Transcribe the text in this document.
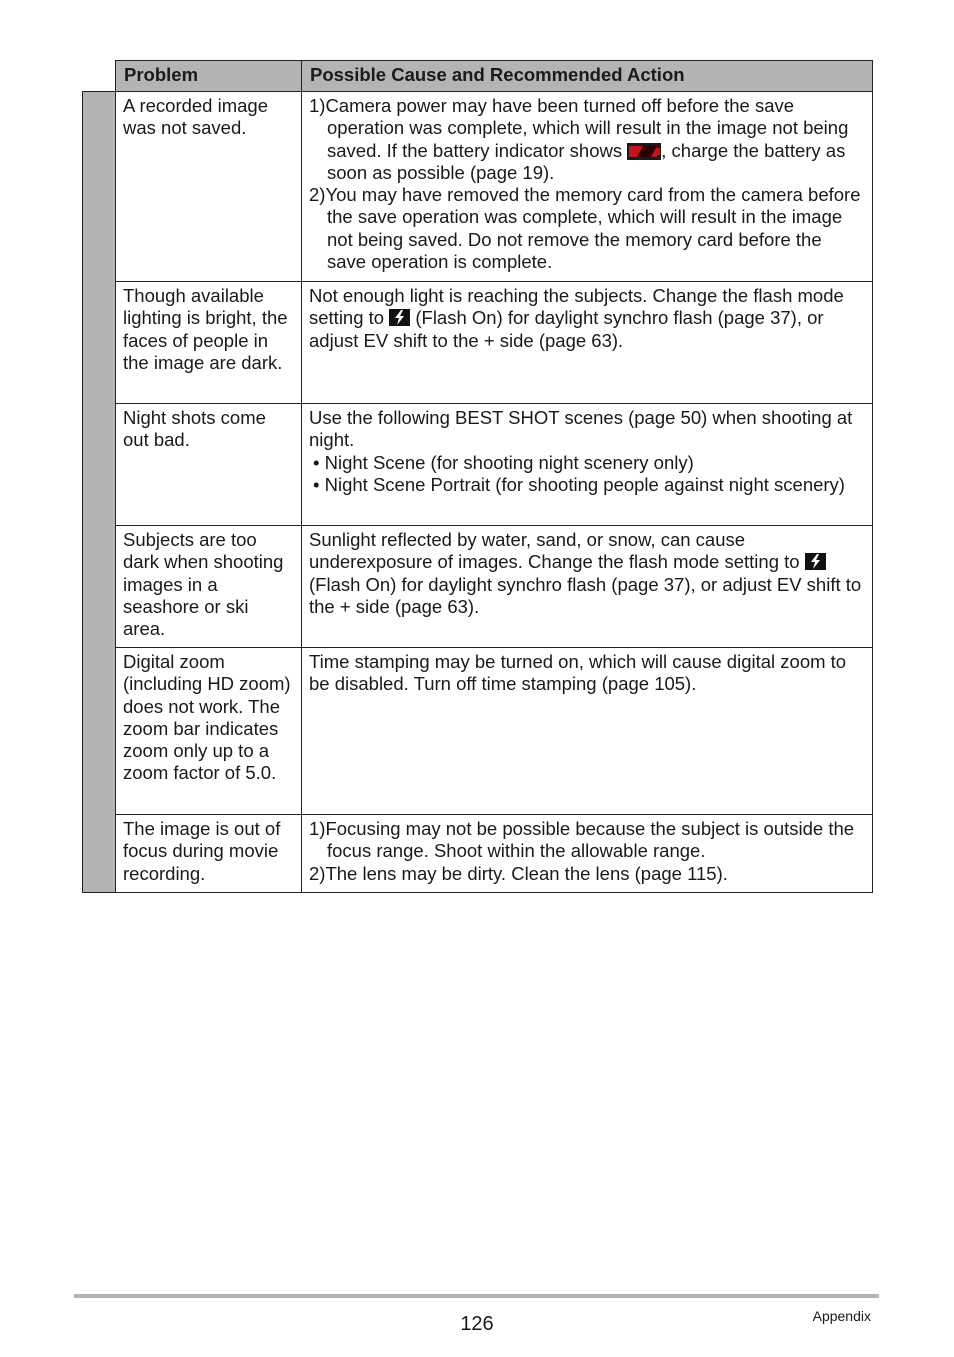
	Problem	Possible Cause and Recommended Action
	A recorded image was not saved.	1)Camera power may have been turned off before the save operation was complete, which will result in the image not being saved. If the battery indicator shows , charge the battery as soon as possible (page 19).
2)You may have removed the memory card from the camera before the save operation was complete, which will result in the image not being saved. Do not remove the memory card before the save operation is complete.

	Though available lighting is bright, the faces of people in the image are dark.	Not enough light is reaching the subjects. Change the flash mode setting to
(Flash On) for daylight synchro flash (page 37), or adjust EV shift to the + side (page 63).
	Night shots come out bad.	Use the following BEST SHOT scenes (page 50) when shooting at night.
• Night Scene (for shooting night scenery only)
• Night Scene Portrait (for shooting people against night scenery)

	Subjects are too dark when shooting images in a seashore or ski area.	Sunlight reflected by water, sand, or snow, can cause underexposure of images. Change the flash mode setting to
(Flash On) for daylight synchro flash (page 37), or adjust EV shift to the + side (page 63).
	Digital zoom (including HD zoom) does not work. The zoom bar indicates zoom only up to a zoom factor of 5.0.	Time stamping may be turned on, which will cause digital zoom to be disabled. Turn off time stamping (page 105).
	The image is out of focus during movie recording.	1)Focusing may not be possible because the subject is outside the focus range. Shoot within the allowable range.
2)The lens may be dirty. Clean the lens (page 115).
126	Appendix
